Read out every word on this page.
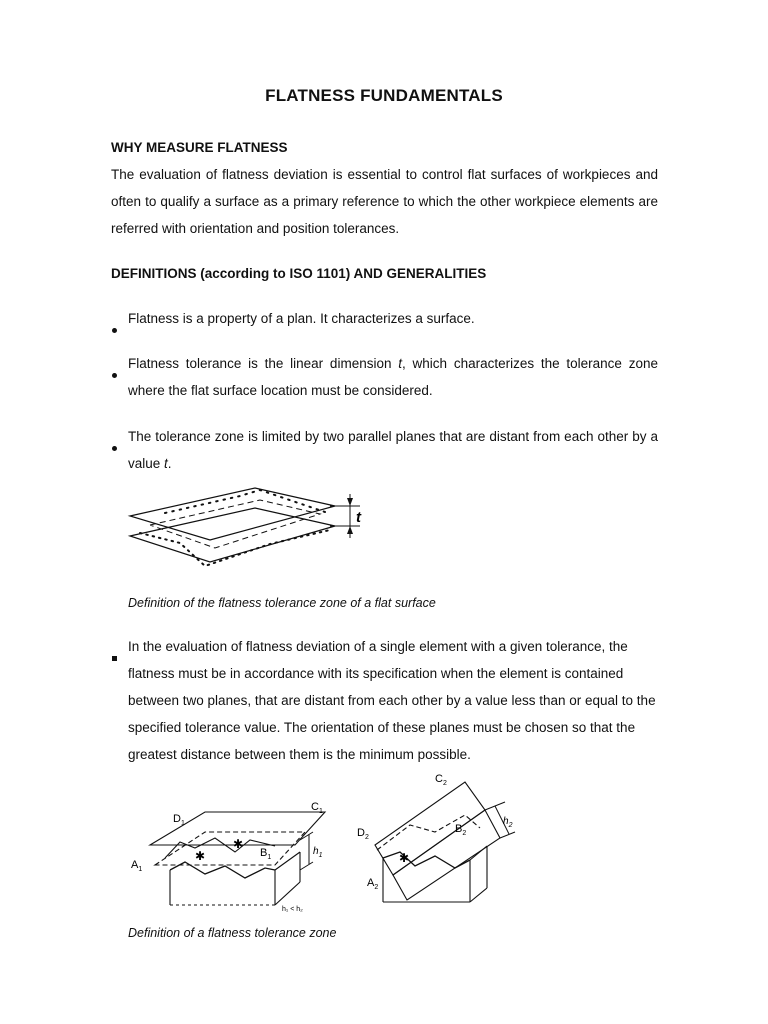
FLATNESS FUNDAMENTALS
WHY MEASURE FLATNESS

The evaluation of flatness deviation is essential to control flat surfaces of workpieces and often to qualify a surface as a primary reference to which the other workpiece elements are referred with orientation and position tolerances.

DEFINITIONS (according to ISO 1101) AND GENERALITIES
Flatness is a property of a plan. It characterizes a surface.
Flatness tolerance is the linear dimension t, which characterizes the tolerance zone where the flat surface location must be considered.
The tolerance zone is limited by two parallel planes that are distant from each other by a value t.
t
Definition of the flatness tolerance zone of a flat surface
In the evaluation of flatness deviation of a single element with a given tolerance, the flatness must be in accordance with its specification when the element is contained between two planes, that are distant from each other by a value less than or equal to the specified tolerance value. The orientation of these planes must be chosen so that the greatest distance between them is the minimum possible.
✱
✱
$D_1$
$C_1$
$B_1$
$A_1$
$h_1$
h₁ < h₂
✱
$C_2$
$D_2$
$B_2$
$A_2$
$h_2$
Definition of a flatness tolerance zone
